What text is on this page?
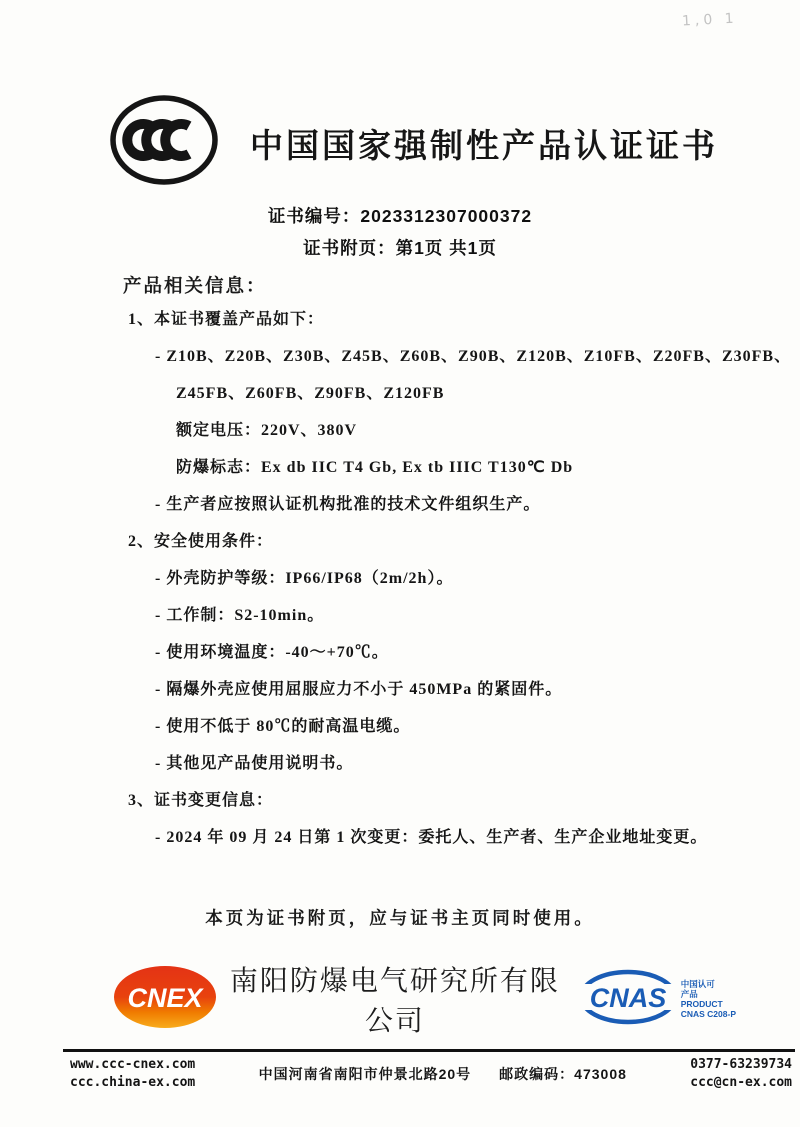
1,0 1
中国国家强制性产品认证证书
证书编号：2023312307000372
证书附页：第1页 共1页
产品相关信息：
1、本证书覆盖产品如下：
- Z10B、Z20B、Z30B、Z45B、Z60B、Z90B、Z120B、Z10FB、Z20FB、Z30FB、
Z45FB、Z60FB、Z90FB、Z120FB
额定电压：220V、380V
防爆标志：Ex db IIC T4 Gb, Ex tb IIIC T130℃ Db
- 生产者应按照认证机构批准的技术文件组织生产。
2、安全使用条件：
- 外壳防护等级：IP66/IP68（2m/2h）。
- 工作制：S2-10min。
- 使用环境温度：-40～+70℃。
- 隔爆外壳应使用屈服应力不小于 450MPa 的紧固件。
- 使用不低于 80℃的耐高温电缆。
- 其他见产品使用说明书。
3、证书变更信息：
- 2024 年 09 月 24 日第 1 次变更：委托人、生产者、生产企业地址变更。
本页为证书附页，应与证书主页同时使用。
CNEX
南阳防爆电气研究所有限公司
CNAS 中国认可
产品
PRODUCT
CNAS C208-P
www.ccc-cnex.com
ccc.china-ex.com
中国河南省南阳市仲景北路20号 邮政编码：473008
0377-63239734
ccc@cn-ex.com
